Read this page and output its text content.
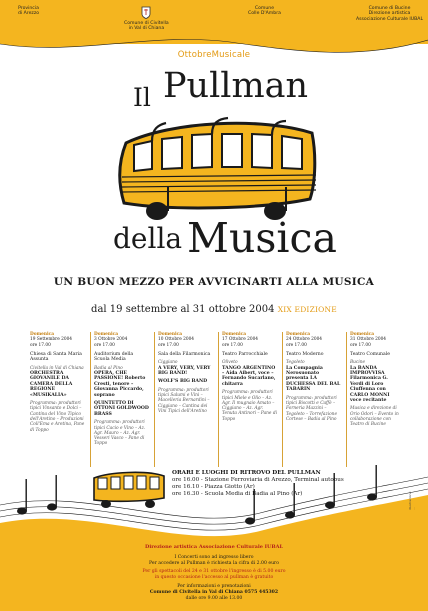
Provincia
di Arezzo
Comune di Civitella
in Val di Chiana
Comune
Colle D'Ambra
Comune di Bucine
Direzione artistica
Associazione Culturale IUBAL
OttobreMusicale
Pullman
Il
della Musica
UN BUON MEZZO PER AVVICINARTI ALLA MUSICA
dal 19 settembre al 31 ottobre 2004 XIX EDIZIONE
Domenica
19 Settembre 2004
ore 17.00
Chiesa di Santa Maria Assunta
Civitella in Val di Chiana
ORCHESTRA GIOVANILE DA CAMERA DELLA REGIONE «MUSIKALIA»
Programma: produttori tipici Vinsanto e Dolci – Cantina del Vino Tipico dell'Aretino – Produzioni Coll'Ema e Aretina, Pane di Toppo
Domenica
3 Ottobre 2004
ore 17.00
Auditorium della Scuola Media
Badia al Pino
OPERA, CHE PASSIONE! Roberto Cresti, tenore – Giovanna Piccardo, soprano
QUINTETTO DI OTTONI GOLDWOOD BRASS
Programma: produttori tipici Cacio e Vino – Az. Agr. Mauro – Az. Agr. Vesseri Vasco – Pane di Toppo
Domenica
10 Ottobre 2004
ore 17.00
Sala della Filarmonica
Ciggiano
A VERY, VERY, VERY BIG BAND!
WOLF'S BIG BAND
Programma: produttori tipici Salumi e Vini – Macelleria Bernardini – Ciggiano – Cantina dei Vini Tipici dell'Aretino
Domenica
17 Ottobre 2004
ore 17.00
Teatro Parrocchiale
Oliveto
TANGO ARGENTINO – Aída Aibert, voce – Fernando Sucarlano, chitarra
Programma: produttori tipici Miele e Olio – Az. Agr. Il mugnaio Amato – Ciggiano – Az. Agr. Tenuta Antinori – Pane di Toppo
Domenica
24 Ottobre 2004
ore 17.00
Teatro Moderno
Tegoleto
La Compagnia Nerosuonato presenta LA DUCHESSA DEL BAL TABARIN
Programma: produttori tipici Biscotti e Caffè – Forneria Mazzini – Tegoleto – Torrefazione Cortese – Badia al Pino
Domenica
31 Ottobre 2004
ore 17.00
Teatro Comunale
Bucine
La BANDA IMPROVVISA Filarmonica G. Verdi di Loro Ciuffenna con CARLO MONNI voce recitante
Musica e direzione di Orio Odori – Evento in collaborazione con Teatro di Bucine
ORARI E LUOGHI DI RITROVO DEL PULLMAN
ore 16.00 - Stazione Ferroviaria di Arezzo, Terminal autobus
ore 16.10 - Piazza Giotto (Ar)
ore 16.30 - Scuola Media di Badia al Pino (Ar)	illustrazione: ...
Direzione artistica Associazione Culturale IUBAL
I Concerti sono ad ingresso libero
Per accedere al Pullman è richiesta la cifra di 2.00 euro
Per gli spettacoli del 24 e 31 ottobre l'ingresso è di 5.00 euro
in questo occasione l'accesso al pullman è gratuito
Per informazioni e prenotazioni
Comune di Civitella in Val di Chiana 0575 445302
dalle ore 9.00 alle 13.00
